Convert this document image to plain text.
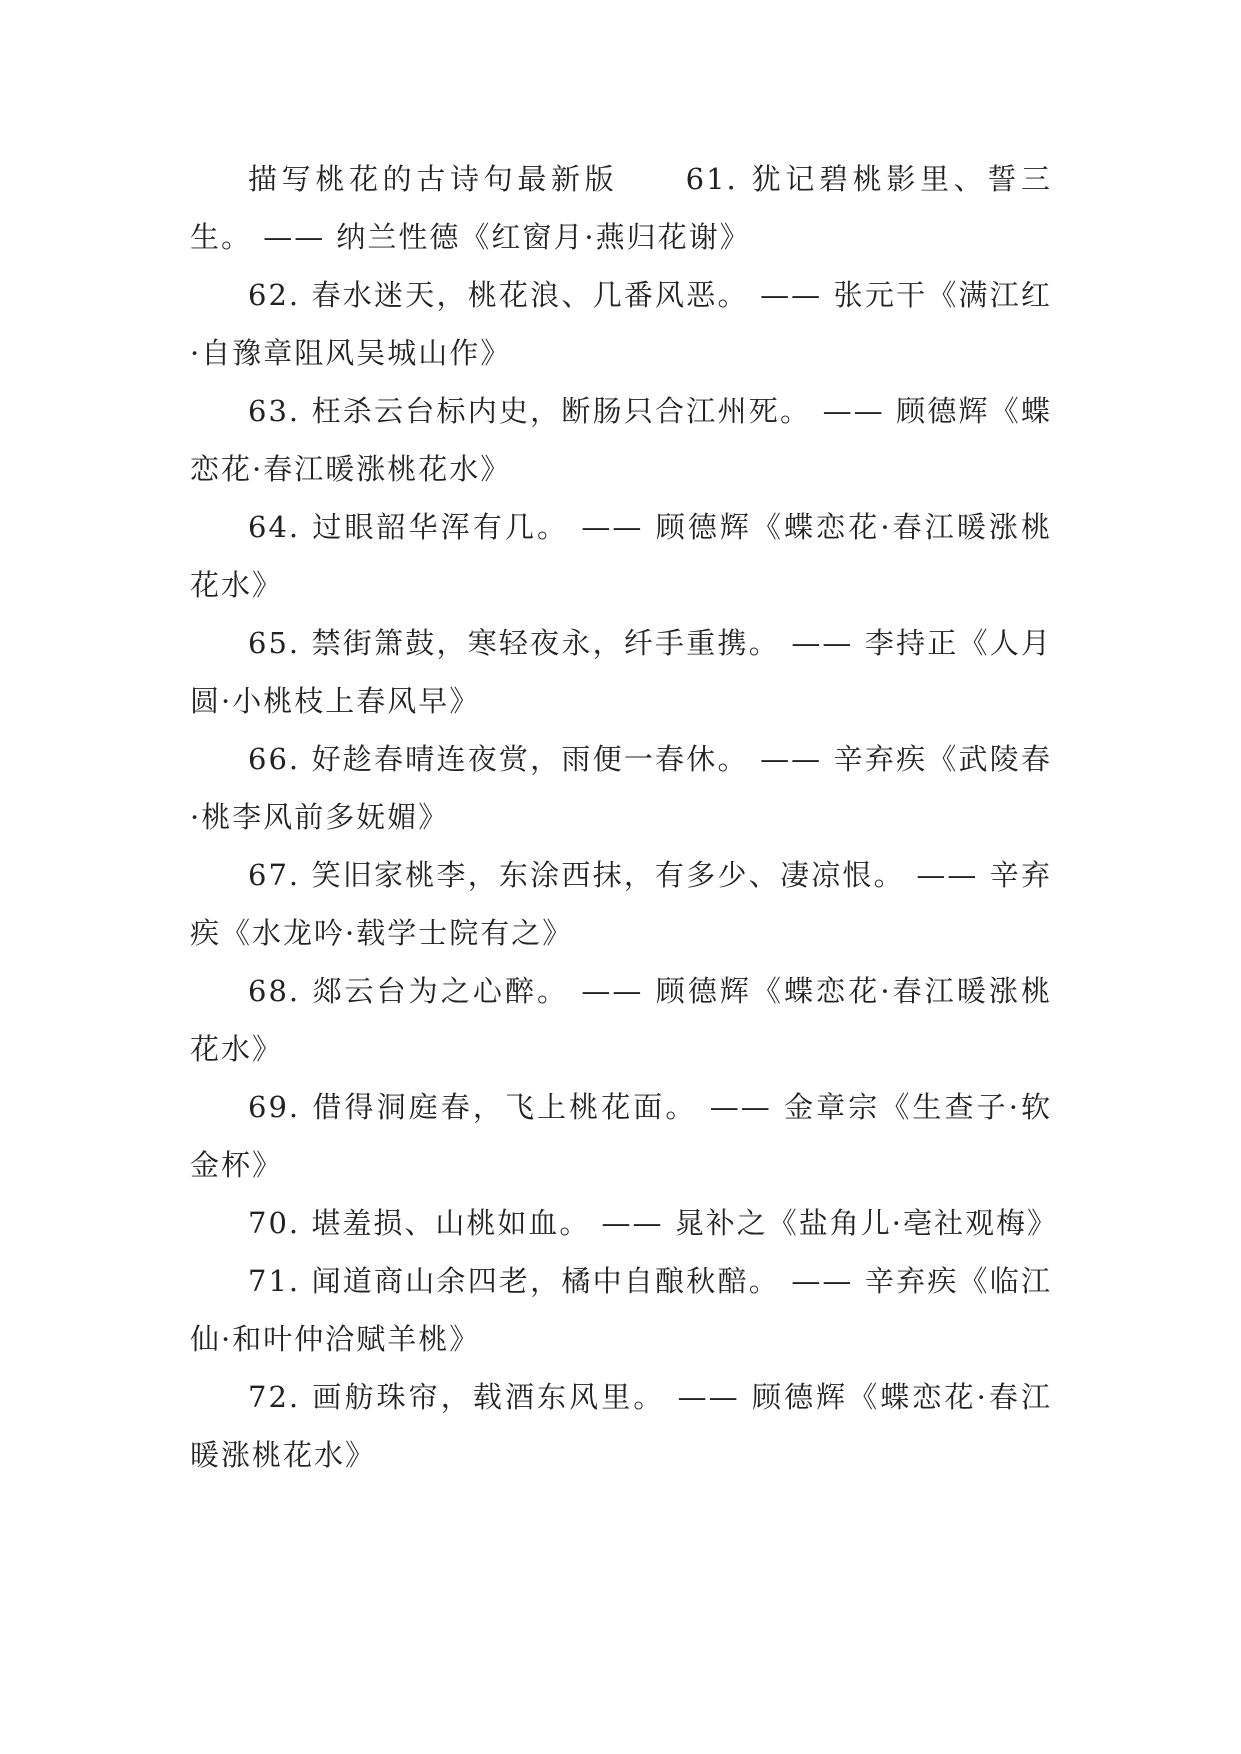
描写桃花的古诗句最新版　　61. 犹记碧桃影里、誓三生。 —— 纳兰性德《红窗月·燕归花谢》

62. 春水迷天，桃花浪、几番风恶。 —— 张元干《满江红·自豫章阻风吴城山作》

63. 枉杀云台标内史，断肠只合江州死。 —— 顾德辉《蝶恋花·春江暖涨桃花水》

64. 过眼韶华浑有几。 —— 顾德辉《蝶恋花·春江暖涨桃花水》

65. 禁街箫鼓，寒轻夜永，纤手重携。 —— 李持正《人月圆·小桃枝上春风早》

66. 好趁春晴连夜赏，雨便一春休。 —— 辛弃疾《武陵春·桃李风前多妩媚》

67. 笑旧家桃李，东涂西抹，有多少、凄凉恨。 —— 辛弃疾《水龙吟·载学士院有之》

68. 郯云台为之心醉。 —— 顾德辉《蝶恋花·春江暖涨桃花水》

69. 借得洞庭春，飞上桃花面。 —— 金章宗《生查子·软金杯》

70. 堪羞损、山桃如血。 —— 晁补之《盐角儿·亳社观梅》

71. 闻道商山余四老，橘中自酿秋醅。 —— 辛弃疾《临江仙·和叶仲洽赋羊桃》

72. 画舫珠帘，载酒东风里。 —— 顾德辉《蝶恋花·春江暖涨桃花水》
